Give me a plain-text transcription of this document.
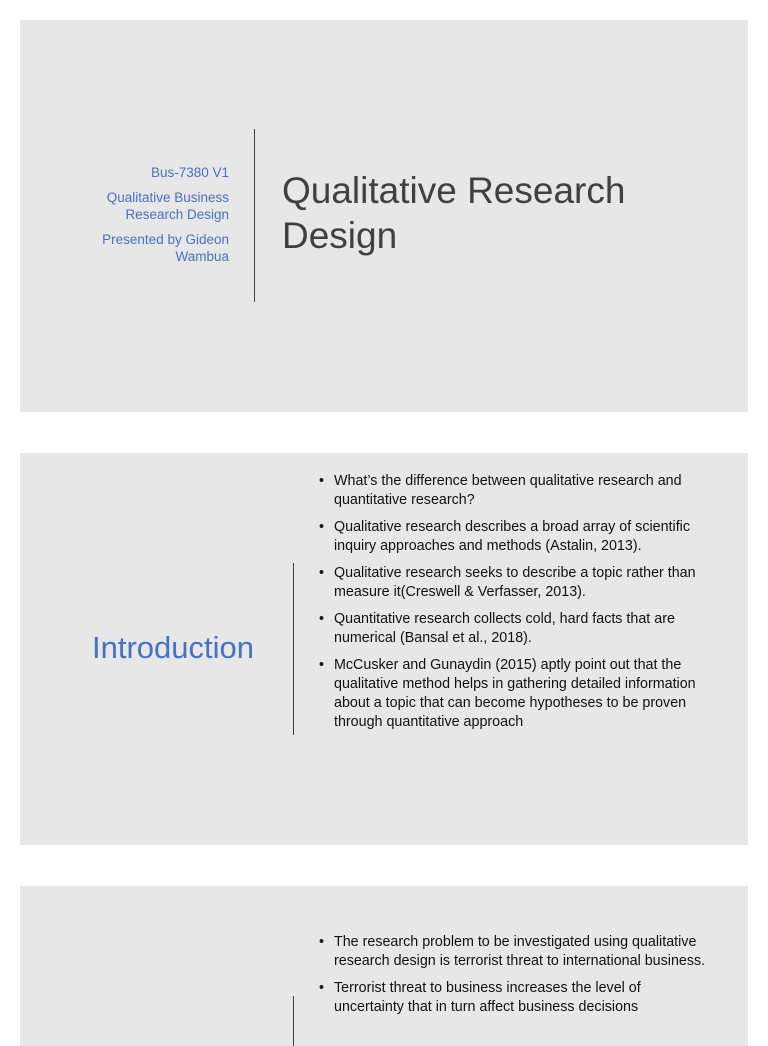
Bus-7380 V1

Qualitative Business Research Design

Presented by Gideon Wambua

Qualitative Research Design
Introduction
• What’s the difference between qualitative research and quantitative research?
• Qualitative research describes a broad array of scientific inquiry approaches and methods (Astalin, 2013).
• Qualitative research seeks to describe a topic rather than measure it(Creswell & Verfasser, 2013).
• Quantitative research collects cold, hard facts that are numerical (Bansal et al., 2018).
• McCusker and Gunaydin (2015) aptly point out that the qualitative method helps in gathering detailed information about a topic that can become hypotheses to be proven through quantitative approach
• The research problem to be investigated using qualitative research design is terrorist threat to international business.
• Terrorist threat to business increases the level of uncertainty that in turn affect business decisions
